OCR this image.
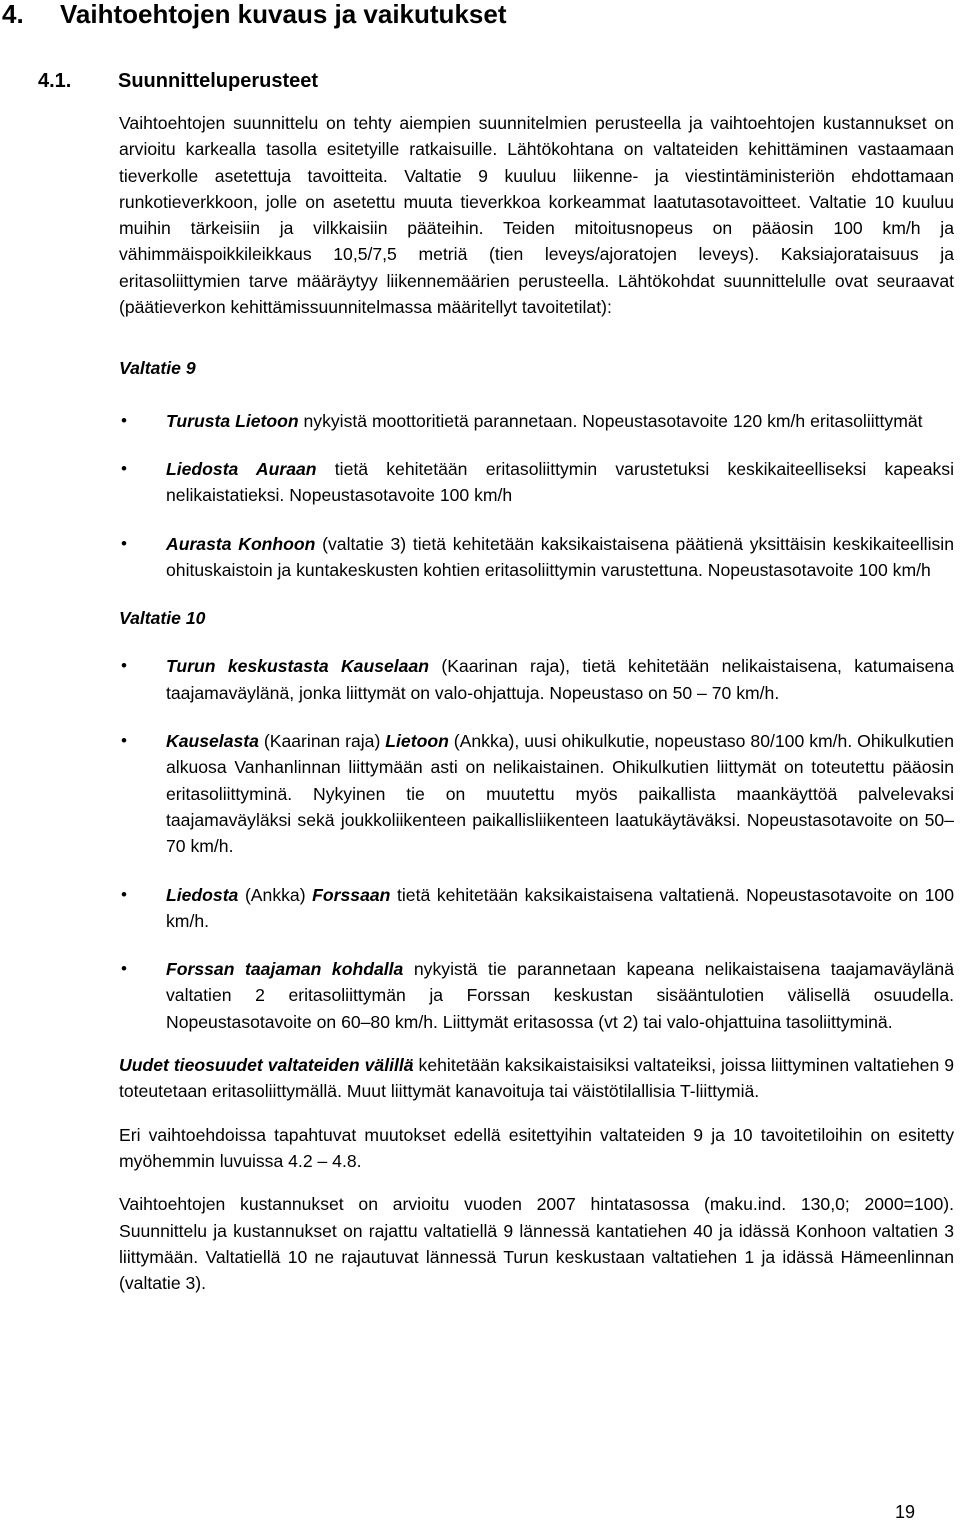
4. Vaihtoehtojen kuvaus ja vaikutukset
4.1. Suunnitteluperusteet

Vaihtoehtojen suunnittelu on tehty aiempien suunnitelmien perusteella ja vaihtoehtojen kustannukset on arvioitu karkealla tasolla esitetyille ratkaisuille. Lähtökohtana on valtateiden kehittäminen vastaamaan tieverkolle asetettuja tavoitteita. Valtatie 9 kuuluu liikenne- ja viestintäministeriön ehdottamaan runkotieverkkoon, jolle on asetettu muuta tieverkkoa korkeammat laatutasotavoitteet. Valtatie 10 kuuluu muihin tärkeisiin ja vilkkaisiin pääteihin. Teiden mitoitusnopeus on pääosin 100 km/h ja vähimmäispoikkileikkaus 10,5/7,5 metriä (tien leveys/ajoratojen leveys). Kaksiajorataisuus ja eritasoliittymien tarve määräytyy liikennemäärien perusteella. Lähtökohdat suunnittelulle ovat seuraavat (päätieverkon kehittämissuunnitelmassa määritellyt tavoitetilat):

Valtatie 9

• Turusta Lietoon nykyistä moottoritietä parannetaan. Nopeustasotavoite 120 km/h eritasoliittymät
• Liedosta Auraan tietä kehitetään eritasoliittymin varustetuksi keskikaiteelliseksi kapeaksi nelikaistatieksi. Nopeustasotavoite 100 km/h
• Aurasta Konhoon (valtatie 3) tietä kehitetään kaksikaistaisena päätienä yksittäisin keskikaiteellisin ohituskaistoin ja kuntakeskusten kohtien eritasoliittymin varustettuna. Nopeustasotavoite 100 km/h

Valtatie 10

• Turun keskustasta Kauselaan (Kaarinan raja), tietä kehitetään nelikaistaisena, katumaisena taajamaväylänä, jonka liittymät on valo-ohjattuja. Nopeustaso on 50 – 70 km/h.
• Kauselasta (Kaarinan raja) Lietoon (Ankka), uusi ohikulkutie, nopeustaso 80/100 km/h. Ohikulkutien alkuosa Vanhanlinnan liittymään asti on nelikaistainen. Ohikulkutien liittymät on toteutettu pääosin eritasoliittyminä. Nykyinen tie on muutettu myös paikallista maankäyttöä palvelevaksi taajamaväyläksi sekä joukkoliikenteen paikallisliikenteen laatukäytäväksi. Nopeustasotavoite on 50–70 km/h.
• Liedosta (Ankka) Forssaan tietä kehitetään kaksikaistaisena valtatienä. Nopeustasotavoite on 100 km/h.
• Forssan taajaman kohdalla nykyistä tie parannetaan kapeana nelikaistaisena taajamaväylänä valtatien 2 eritasoliittymän ja Forssan keskustan sisääntulotien välisellä osuudella. Nopeustasotavoite on 60–80 km/h. Liittymät eritasossa (vt 2) tai valo-ohjattuina tasoliittyminä.

Uudet tieosuudet valtateiden välillä kehitetään kaksikaistaisiksi valtateiksi, joissa liittyminen valtatiehen 9 toteutetaan eritasoliittymällä. Muut liittymät kanavoituja tai väistötilallisia T-liittymiä.

Eri vaihtoehdoissa tapahtuvat muutokset edellä esitettyihin valtateiden 9 ja 10 tavoitetiloihin on esitetty myöhemmin luvuissa 4.2 – 4.8.

Vaihtoehtojen kustannukset on arvioitu vuoden 2007 hintatasossa (maku.ind. 130,0; 2000=100). Suunnittelu ja kustannukset on rajattu valtatiellä 9 lännessä kantatiehen 40 ja idässä Konhoon valtatien 3 liittymään. Valtatiellä 10 ne rajautuvat lännessä Turun keskustaan valtatiehen 1 ja idässä Hämeenlinnan (valtatie 3).

19
